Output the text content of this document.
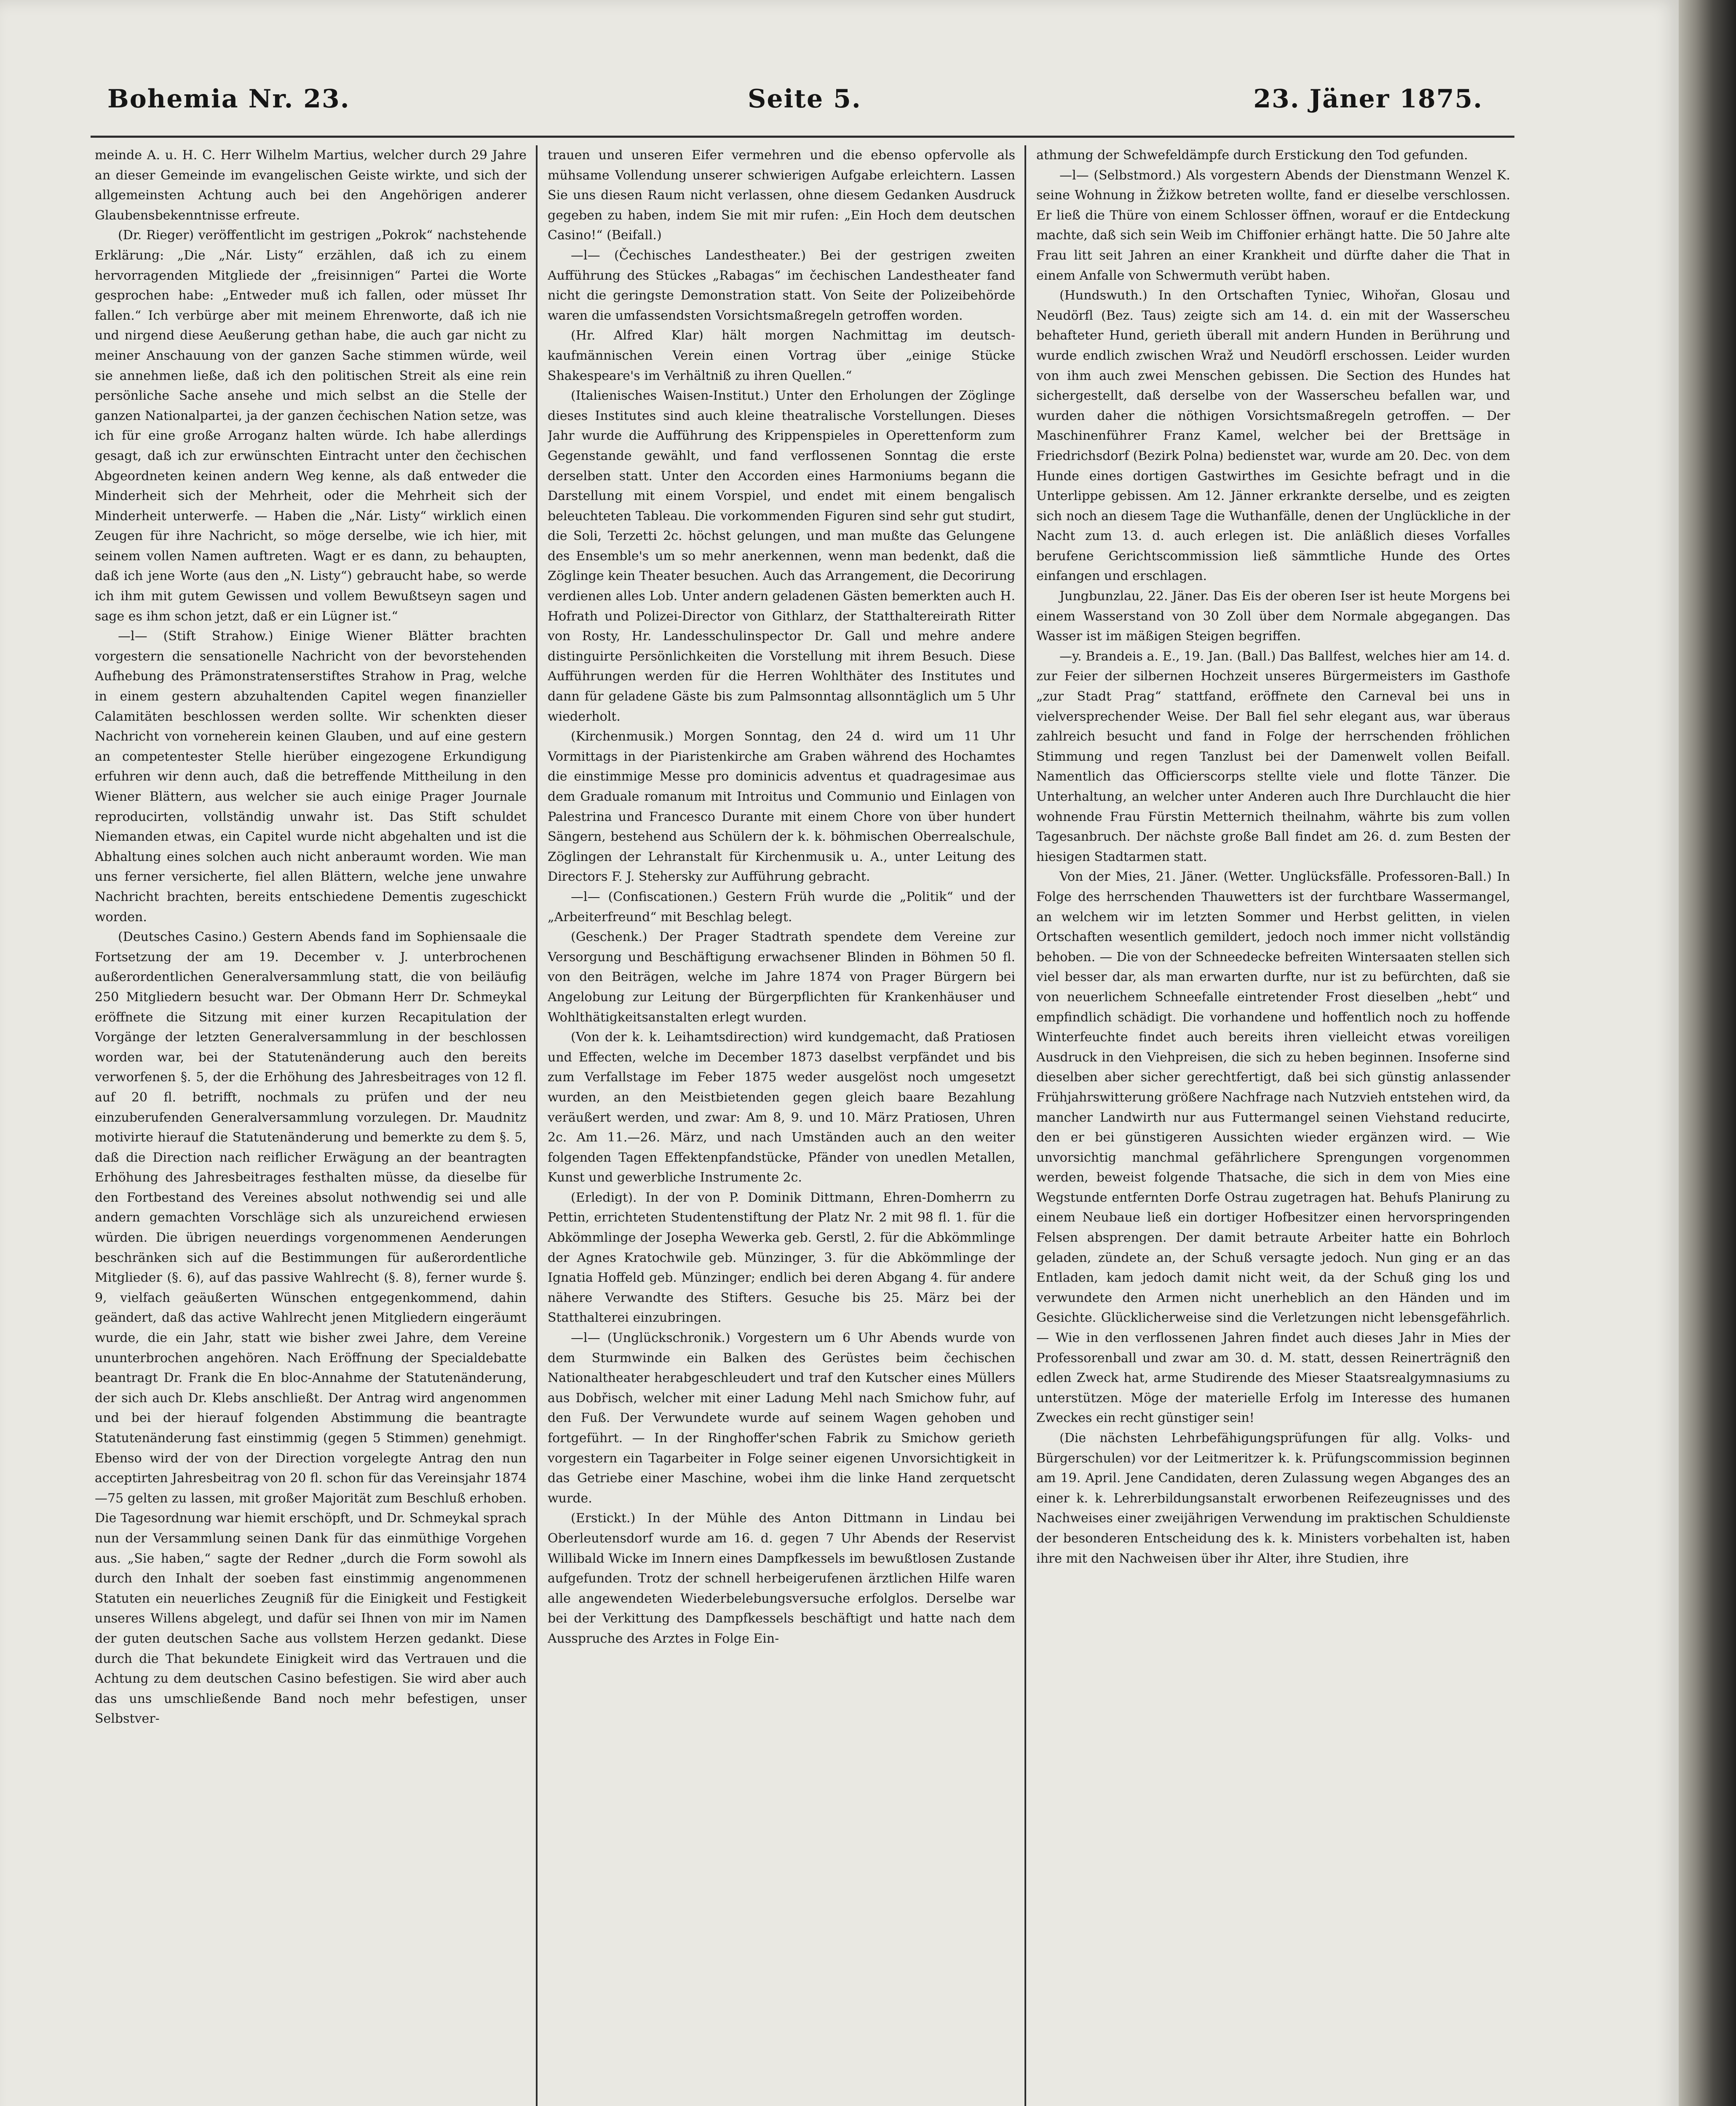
Bohemia Nr. 23.	Seite 5.	23. Jäner 1875.

meinde A. u. H. C. Herr Wilhelm Martius, welcher durch 29 Jahre an dieser Gemeinde im evangelischen Geiste wirkte, und sich der allgemeinsten Achtung auch bei den Angehörigen anderer Glaubensbekenntnisse erfreute.

(Dr. Rieger) veröffentlicht im gestrigen „Pokrok“ nachstehende Erklärung: „Die „Nár. Listy“ erzählen, daß ich zu einem hervorragenden Mitgliede der „freisinnigen“ Partei die Worte gesprochen habe: „Entweder muß ich fallen, oder müsset Ihr fallen.“ Ich verbürge aber mit meinem Ehrenworte, daß ich nie und nirgend diese Aeußerung gethan habe, die auch gar nicht zu meiner Anschauung von der ganzen Sache stimmen würde, weil sie annehmen ließe, daß ich den politischen Streit als eine rein persönliche Sache ansehe und mich selbst an die Stelle der ganzen Nationalpartei, ja der ganzen čechischen Nation setze, was ich für eine große Arroganz halten würde. Ich habe allerdings gesagt, daß ich zur erwünschten Eintracht unter den čechischen Abgeordneten keinen andern Weg kenne, als daß entweder die Minderheit sich der Mehrheit, oder die Mehrheit sich der Minderheit unterwerfe. — Haben die „Nár. Listy“ wirklich einen Zeugen für ihre Nachricht, so möge derselbe, wie ich hier, mit seinem vollen Namen auftreten. Wagt er es dann, zu behaupten, daß ich jene Worte (aus den „N. Listy“) gebraucht habe, so werde ich ihm mit gutem Gewissen und vollem Bewußtseyn sagen und sage es ihm schon jetzt, daß er ein Lügner ist.“

—l— (Stift Strahow.) Einige Wiener Blätter brachten vorgestern die sensationelle Nachricht von der bevorstehenden Aufhebung des Prämonstratenserstiftes Strahow in Prag, welche in einem gestern abzuhaltenden Capitel wegen finanzieller Calamitäten beschlossen werden sollte. Wir schenkten dieser Nachricht von vorneherein keinen Glauben, und auf eine gestern an competentester Stelle hierüber eingezogene Erkundigung erfuhren wir denn auch, daß die betreffende Mittheilung in den Wiener Blättern, aus welcher sie auch einige Prager Journale reproducirten, vollständig unwahr ist. Das Stift schuldet Niemanden etwas, ein Capitel wurde nicht abgehalten und ist die Abhaltung eines solchen auch nicht anberaumt worden. Wie man uns ferner versicherte, fiel allen Blättern, welche jene unwahre Nachricht brachten, bereits entschiedene Dementis zugeschickt worden.

(Deutsches Casino.) Gestern Abends fand im Sophiensaale die Fortsetzung der am 19. December v. J. unterbrochenen außerordentlichen Generalversammlung statt, die von beiläufig 250 Mitgliedern besucht war. Der Obmann Herr Dr. Schmeykal eröffnete die Sitzung mit einer kurzen Recapitulation der Vorgänge der letzten Generalversammlung in der beschlossen worden war, bei der Statutenänderung auch den bereits verworfenen §. 5, der die Erhöhung des Jahresbeitrages von 12 fl. auf 20 fl. betrifft, nochmals zu prüfen und der neu einzuberufenden Generalversammlung vorzulegen. Dr. Maudnitz motivirte hierauf die Statutenänderung und bemerkte zu dem §. 5, daß die Direction nach reiflicher Erwägung an der beantragten Erhöhung des Jahresbeitrages festhalten müsse, da dieselbe für den Fortbestand des Vereines absolut nothwendig sei und alle andern gemachten Vorschläge sich als unzureichend erwiesen würden. Die übrigen neuerdings vorgenommenen Aenderungen beschränken sich auf die Bestimmungen für außerordentliche Mitglieder (§. 6), auf das passive Wahlrecht (§. 8), ferner wurde §. 9, vielfach geäußerten Wünschen entgegenkommend, dahin geändert, daß das active Wahlrecht jenen Mitgliedern eingeräumt wurde, die ein Jahr, statt wie bisher zwei Jahre, dem Vereine ununterbrochen angehören. Nach Eröffnung der Specialdebatte beantragt Dr. Frank die En bloc-Annahme der Statutenänderung, der sich auch Dr. Klebs anschließt. Der Antrag wird angenommen und bei der hierauf folgenden Abstimmung die beantragte Statutenänderung fast einstimmig (gegen 5 Stimmen) genehmigt. Ebenso wird der von der Direction vorgelegte Antrag den nun acceptirten Jahresbeitrag von 20 fl. schon für das Vereinsjahr 1874—75 gelten zu lassen, mit großer Majorität zum Beschluß erhoben. Die Tagesordnung war hiemit erschöpft, und Dr. Schmeykal sprach nun der Versammlung seinen Dank für das einmüthige Vorgehen aus. „Sie haben,“ sagte der Redner „durch die Form sowohl als durch den Inhalt der soeben fast einstimmig angenommenen Statuten ein neuerliches Zeugniß für die Einigkeit und Festigkeit unseres Willens abgelegt, und dafür sei Ihnen von mir im Namen der guten deutschen Sache aus vollstem Herzen gedankt. Diese durch die That bekundete Einigkeit wird das Vertrauen und die Achtung zu dem deutschen Casino befestigen. Sie wird aber auch das uns umschließende Band noch mehr befestigen, unser Selbstver-

trauen und unseren Eifer vermehren und die ebenso opfervolle als mühsame Vollendung unserer schwierigen Aufgabe erleichtern. Lassen Sie uns diesen Raum nicht verlassen, ohne diesem Gedanken Ausdruck gegeben zu haben, indem Sie mit mir rufen: „Ein Hoch dem deutschen Casino!“ (Beifall.)

—l— (Čechisches Landestheater.) Bei der gestrigen zweiten Aufführung des Stückes „Rabagas“ im čechischen Landestheater fand nicht die geringste Demonstration statt. Von Seite der Polizeibehörde waren die umfassendsten Vorsichtsmaßregeln getroffen worden.

(Hr. Alfred Klar) hält morgen Nachmittag im deutsch-kaufmännischen Verein einen Vortrag über „einige Stücke Shakespeare's im Verhältniß zu ihren Quellen.“

(Italienisches Waisen-Institut.) Unter den Erholungen der Zöglinge dieses Institutes sind auch kleine theatralische Vorstellungen. Dieses Jahr wurde die Aufführung des Krippenspieles in Operettenform zum Gegenstande gewählt, und fand verflossenen Sonntag die erste derselben statt. Unter den Accorden eines Harmoniums begann die Darstellung mit einem Vorspiel, und endet mit einem bengalisch beleuchteten Tableau. Die vorkommenden Figuren sind sehr gut studirt, die Soli, Terzetti 2c. höchst gelungen, und man mußte das Gelungene des Ensemble's um so mehr anerkennen, wenn man bedenkt, daß die Zöglinge kein Theater besuchen. Auch das Arrangement, die Decorirung verdienen alles Lob. Unter andern geladenen Gästen bemerkten auch H. Hofrath und Polizei-Director von Githlarz, der Statthaltereirath Ritter von Rosty, Hr. Landesschulinspector Dr. Gall und mehre andere distinguirte Persönlichkeiten die Vorstellung mit ihrem Besuch. Diese Aufführungen werden für die Herren Wohlthäter des Institutes und dann für geladene Gäste bis zum Palmsonntag allsonntäglich um 5 Uhr wiederholt.

(Kirchenmusik.) Morgen Sonntag, den 24 d. wird um 11 Uhr Vormittags in der Piaristenkirche am Graben während des Hochamtes die einstimmige Messe pro dominicis adventus et quadragesimae aus dem Graduale romanum mit Introitus und Communio und Einlagen von Palestrina und Francesco Durante mit einem Chore von über hundert Sängern, bestehend aus Schülern der k. k. böhmischen Oberrealschule, Zöglingen der Lehranstalt für Kirchenmusik u. A., unter Leitung des Directors F. J. Stehersky zur Aufführung gebracht.

—l— (Confiscationen.) Gestern Früh wurde die „Politik“ und der „Arbeiterfreund“ mit Beschlag belegt.

(Geschenk.) Der Prager Stadtrath spendete dem Vereine zur Versorgung und Beschäftigung erwachsener Blinden in Böhmen 50 fl. von den Beiträgen, welche im Jahre 1874 von Prager Bürgern bei Angelobung zur Leitung der Bürgerpflichten für Krankenhäuser und Wohlthätigkeitsanstalten erlegt wurden.

(Von der k. k. Leihamtsdirection) wird kundgemacht, daß Pratiosen und Effecten, welche im December 1873 daselbst verpfändet und bis zum Verfallstage im Feber 1875 weder ausgelöst noch umgesetzt wurden, an den Meistbietenden gegen gleich baare Bezahlung veräußert werden, und zwar: Am 8, 9. und 10. März Pratiosen, Uhren 2c. Am 11.—26. März, und nach Umständen auch an den weiter folgenden Tagen Effektenpfandstücke, Pfänder von unedlen Metallen, Kunst und gewerbliche Instrumente 2c.

(Erledigt). In der von P. Dominik Dittmann, Ehren-Domherrn zu Pettin, errichteten Studentenstiftung der Platz Nr. 2 mit 98 fl. 1. für die Abkömmlinge der Josepha Wewerka geb. Gerstl, 2. für die Abkömmlinge der Agnes Kratochwile geb. Münzinger, 3. für die Abkömmlinge der Ignatia Hoffeld geb. Münzinger; endlich bei deren Abgang 4. für andere nähere Verwandte des Stifters. Gesuche bis 25. März bei der Statthalterei einzubringen.

—l— (Unglückschronik.) Vorgestern um 6 Uhr Abends wurde von dem Sturmwinde ein Balken des Gerüstes beim čechischen Nationaltheater herabgeschleudert und traf den Kutscher eines Müllers aus Dobřisch, welcher mit einer Ladung Mehl nach Smichow fuhr, auf den Fuß. Der Verwundete wurde auf seinem Wagen gehoben und fortgeführt. — In der Ringhoffer'schen Fabrik zu Smichow gerieth vorgestern ein Tagarbeiter in Folge seiner eigenen Unvorsichtigkeit in das Getriebe einer Maschine, wobei ihm die linke Hand zerquetscht wurde.

(Erstickt.) In der Mühle des Anton Dittmann in Lindau bei Oberleutensdorf wurde am 16. d. gegen 7 Uhr Abends der Reservist Willibald Wicke im Innern eines Dampfkessels im bewußtlosen Zustande aufgefunden. Trotz der schnell herbeigerufenen ärztlichen Hilfe waren alle angewendeten Wiederbelebungsversuche erfolglos. Derselbe war bei der Verkittung des Dampfkessels beschäftigt und hatte nach dem Ausspruche des Arztes in Folge Ein-

athmung der Schwefeldämpfe durch Erstickung den Tod gefunden.

—l— (Selbstmord.) Als vorgestern Abends der Dienstmann Wenzel K. seine Wohnung in Žižkow betreten wollte, fand er dieselbe verschlossen. Er ließ die Thüre von einem Schlosser öffnen, worauf er die Entdeckung machte, daß sich sein Weib im Chiffonier erhängt hatte. Die 50 Jahre alte Frau litt seit Jahren an einer Krankheit und dürfte daher die That in einem Anfalle von Schwermuth verübt haben.

(Hundswuth.) In den Ortschaften Tyniec, Wihořan, Glosau und Neudörfl (Bez. Taus) zeigte sich am 14. d. ein mit der Wasserscheu behafteter Hund, gerieth überall mit andern Hunden in Berührung und wurde endlich zwischen Wraž und Neudörfl erschossen. Leider wurden von ihm auch zwei Menschen gebissen. Die Section des Hundes hat sichergestellt, daß derselbe von der Wasserscheu befallen war, und wurden daher die nöthigen Vorsichtsmaßregeln getroffen. — Der Maschinenführer Franz Kamel, welcher bei der Brettsäge in Friedrichsdorf (Bezirk Polna) bedienstet war, wurde am 20. Dec. von dem Hunde eines dortigen Gastwirthes im Gesichte befragt und in die Unterlippe gebissen. Am 12. Jänner erkrankte derselbe, und es zeigten sich noch an diesem Tage die Wuthanfälle, denen der Unglückliche in der Nacht zum 13. d. auch erlegen ist. Die anläßlich dieses Vorfalles berufene Gerichtscommission ließ sämmtliche Hunde des Ortes einfangen und erschlagen.

Jungbunzlau, 22. Jäner. Das Eis der oberen Iser ist heute Morgens bei einem Wasserstand von 30 Zoll über dem Normale abgegangen. Das Wasser ist im mäßigen Steigen begriffen.

—y. Brandeis a. E., 19. Jan. (Ball.) Das Ballfest, welches hier am 14. d. zur Feier der silbernen Hochzeit unseres Bürgermeisters im Gasthofe „zur Stadt Prag“ stattfand, eröffnete den Carneval bei uns in vielversprechender Weise. Der Ball fiel sehr elegant aus, war überaus zahlreich besucht und fand in Folge der herrschenden fröhlichen Stimmung und regen Tanzlust bei der Damenwelt vollen Beifall. Namentlich das Officierscorps stellte viele und flotte Tänzer. Die Unterhaltung, an welcher unter Anderen auch Ihre Durchlaucht die hier wohnende Frau Fürstin Metternich theilnahm, währte bis zum vollen Tagesanbruch. Der nächste große Ball findet am 26. d. zum Besten der hiesigen Stadtarmen statt.

Von der Mies, 21. Jäner. (Wetter. Unglücksfälle. Professoren-Ball.) In Folge des herrschenden Thauwetters ist der furchtbare Wassermangel, an welchem wir im letzten Sommer und Herbst gelitten, in vielen Ortschaften wesentlich gemildert, jedoch noch immer nicht vollständig behoben. — Die von der Schneedecke befreiten Wintersaaten stellen sich viel besser dar, als man erwarten durfte, nur ist zu befürchten, daß sie von neuerlichem Schneefalle eintretender Frost dieselben „hebt“ und empfindlich schädigt. Die vorhandene und hoffentlich noch zu hoffende Winterfeuchte findet auch bereits ihren vielleicht etwas voreiligen Ausdruck in den Viehpreisen, die sich zu heben beginnen. Insoferne sind dieselben aber sicher gerechtfertigt, daß bei sich günstig anlassender Frühjahrswitterung größere Nachfrage nach Nutzvieh entstehen wird, da mancher Landwirth nur aus Futtermangel seinen Viehstand reducirte, den er bei günstigeren Aussichten wieder ergänzen wird. — Wie unvorsichtig manchmal gefährlichere Sprengungen vorgenommen werden, beweist folgende Thatsache, die sich in dem von Mies eine Wegstunde entfernten Dorfe Ostrau zugetragen hat. Behufs Planirung zu einem Neubaue ließ ein dortiger Hofbesitzer einen hervorspringenden Felsen absprengen. Der damit betraute Arbeiter hatte ein Bohrloch geladen, zündete an, der Schuß versagte jedoch. Nun ging er an das Entladen, kam jedoch damit nicht weit, da der Schuß ging los und verwundete den Armen nicht unerheblich an den Händen und im Gesichte. Glücklicherweise sind die Verletzungen nicht lebensgefährlich. — Wie in den verflossenen Jahren findet auch dieses Jahr in Mies der Professorenball und zwar am 30. d. M. statt, dessen Reinerträgniß den edlen Zweck hat, arme Studirende des Mieser Staatsrealgymnasiums zu unterstützen. Möge der materielle Erfolg im Interesse des humanen Zweckes ein recht günstiger sein!

(Die nächsten Lehrbefähigungsprüfungen für allg. Volks- und Bürgerschulen) vor der Leitmeritzer k. k. Prüfungscommission beginnen am 19. April. Jene Candidaten, deren Zulassung wegen Abganges des an einer k. k. Lehrerbildungsanstalt erworbenen Reifezeugnisses und des Nachweises einer zweijährigen Verwendung im praktischen Schuldienste der besonderen Entscheidung des k. k. Ministers vorbehalten ist, haben ihre mit den Nachweisen über ihr Alter, ihre Studien, ihre
